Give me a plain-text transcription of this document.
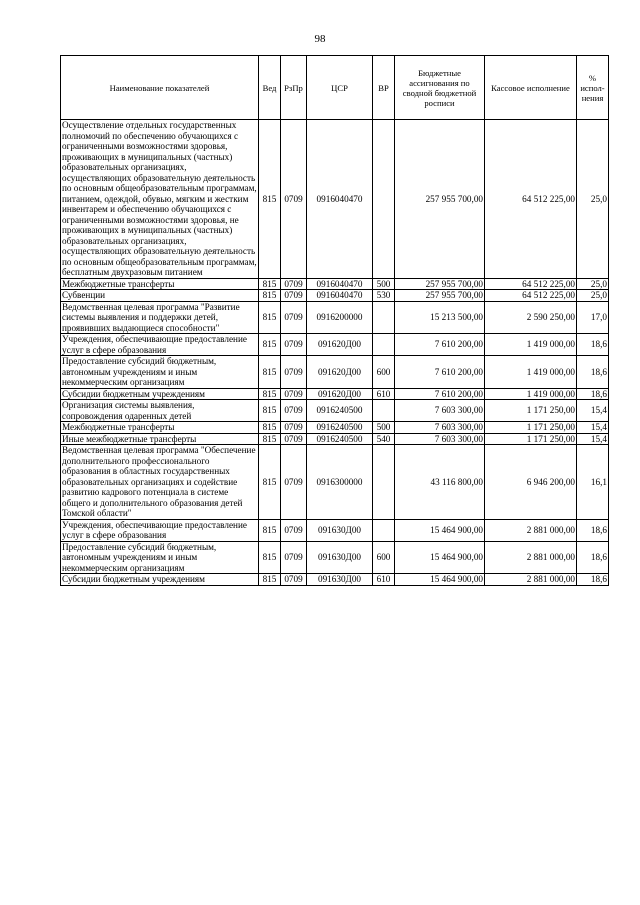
98
Наименование показателей	Вед	РзПр	ЦСР	ВР	Бюджетные ассигнования по сводной бюджетной росписи	Кассовое исполнение	% испол-нения
Осуществление отдельных государственных полномочий по обеспечению обучающихся с ограниченными возможностями здоровья, проживающих в муниципальных (частных) образовательных организациях, осуществляющих образовательную деятельность по основным общеобразовательным программам, питанием, одеждой, обувью, мягким и жестким инвентарем и обеспечению обучающихся с ограниченными возможностями здоровья, не проживающих в муниципальных (частных) образовательных организациях, осуществляющих образовательную деятельность по основным общеобразовательным программам, бесплатным двухразовым питанием	815	0709	0916040470		257 955 700,00	64 512 225,00	25,0
Межбюджетные трансферты	815	0709	0916040470	500	257 955 700,00	64 512 225,00	25,0
Субвенции	815	0709	0916040470	530	257 955 700,00	64 512 225,00	25,0
Ведомственная целевая программа "Развитие системы выявления и поддержки детей, проявивших выдающиеся способности"	815	0709	0916200000		15 213 500,00	2 590 250,00	17,0
Учреждения, обеспечивающие предоставление услуг в сфере образования	815	0709	091620Д00		7 610 200,00	1 419 000,00	18,6
Предоставление субсидий бюджетным, автономным учреждениям и иным некоммерческим организациям	815	0709	091620Д00	600	7 610 200,00	1 419 000,00	18,6
Субсидии бюджетным учреждениям	815	0709	091620Д00	610	7 610 200,00	1 419 000,00	18,6
Организация системы выявления, сопровождения одаренных детей	815	0709	0916240500		7 603 300,00	1 171 250,00	15,4
Межбюджетные трансферты	815	0709	0916240500	500	7 603 300,00	1 171 250,00	15,4
Иные межбюджетные трансферты	815	0709	0916240500	540	7 603 300,00	1 171 250,00	15,4
Ведомственная целевая программа "Обеспечение дополнительного профессионального образования в областных государственных образовательных организациях и содействие развитию кадрового потенциала в системе общего и дополнительного образования детей Томской области"	815	0709	0916300000		43 116 800,00	6 946 200,00	16,1
Учреждения, обеспечивающие предоставление услуг в сфере образования	815	0709	091630Д00		15 464 900,00	2 881 000,00	18,6
Предоставление субсидий бюджетным, автономным учреждениям и иным некоммерческим организациям	815	0709	091630Д00	600	15 464 900,00	2 881 000,00	18,6
Субсидии бюджетным учреждениям	815	0709	091630Д00	610	15 464 900,00	2 881 000,00	18,6
